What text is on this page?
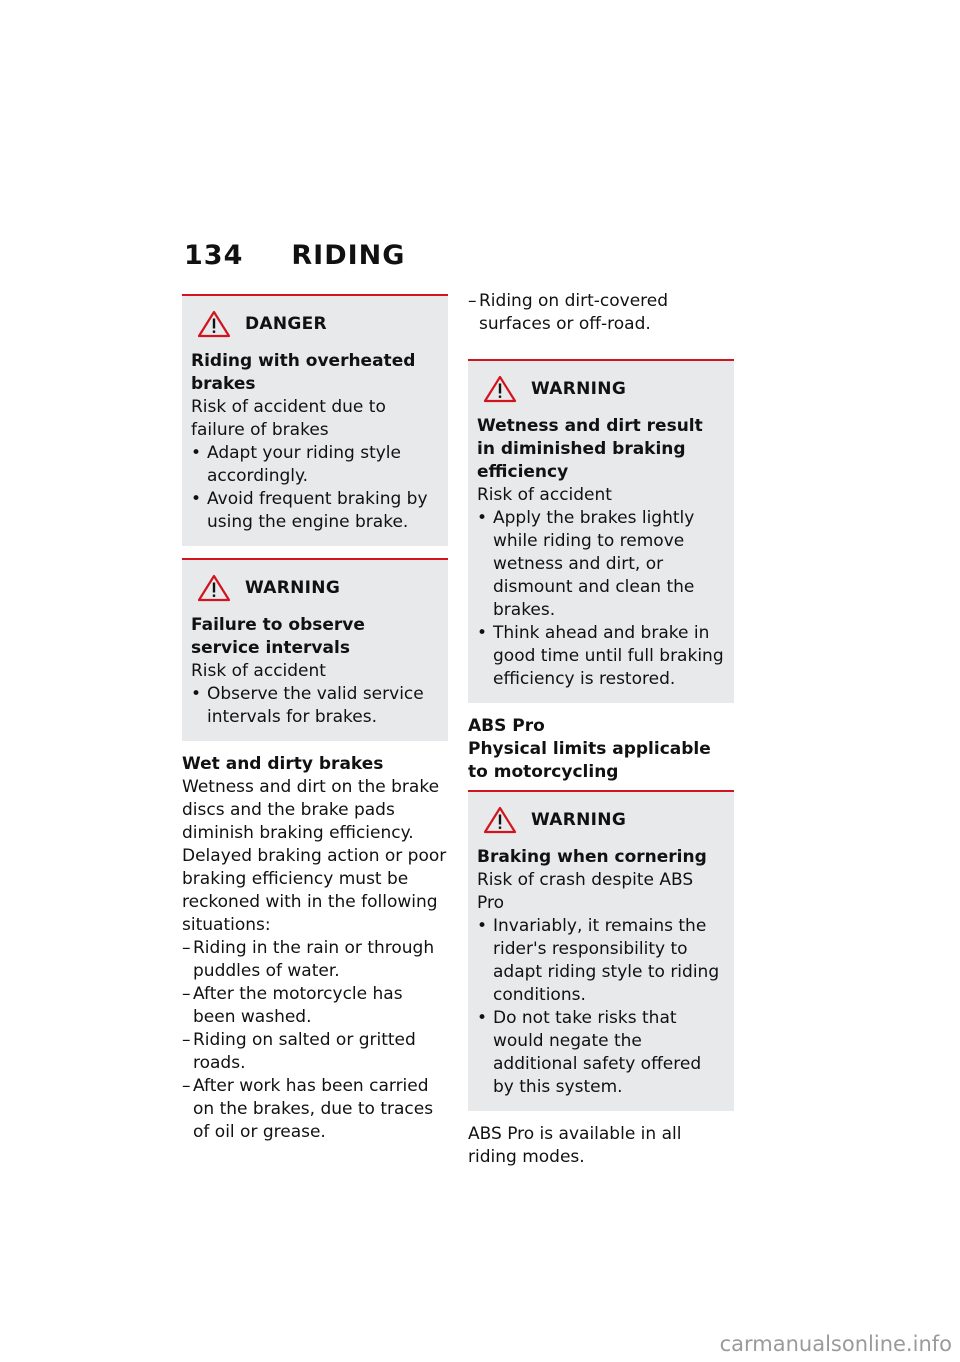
134 RIDING
DANGER

Riding with overheated brakes

Risk of accident due to failure of brakes

• Adapt your riding style accordingly.
• Avoid frequent braking by using the engine brake.
WARNING

Failure to observe service intervals

Risk of accident

• Observe the valid service intervals for brakes.

Wet and dirty brakes

Wetness and dirt on the brake discs and the brake pads diminish braking efficiency.

Delayed braking action or poor braking efficiency must be reckoned with in the following situations:

– Riding in the rain or through puddles of water.
– After the motorcycle has been washed.
– Riding on salted or gritted roads.
– After work has been carried on the brakes, due to traces of oil or grease.
– Riding on dirt-covered surfaces or off-road.
WARNING

Wetness and dirt result in diminished braking efficiency

Risk of accident

• Apply the brakes lightly while riding to remove wetness and dirt, or dismount and clean the brakes.
• Think ahead and brake in good time until full braking efficiency is restored.

ABS Pro

Physical limits applicable to motorcycling

WARNING

Braking when cornering

Risk of crash despite ABS Pro

• Invariably, it remains the rider's responsibility to adapt riding style to riding conditions.
• Do not take risks that would negate the additional safety offered by this system.

ABS Pro is available in all riding modes.

carmanualsonline.info
